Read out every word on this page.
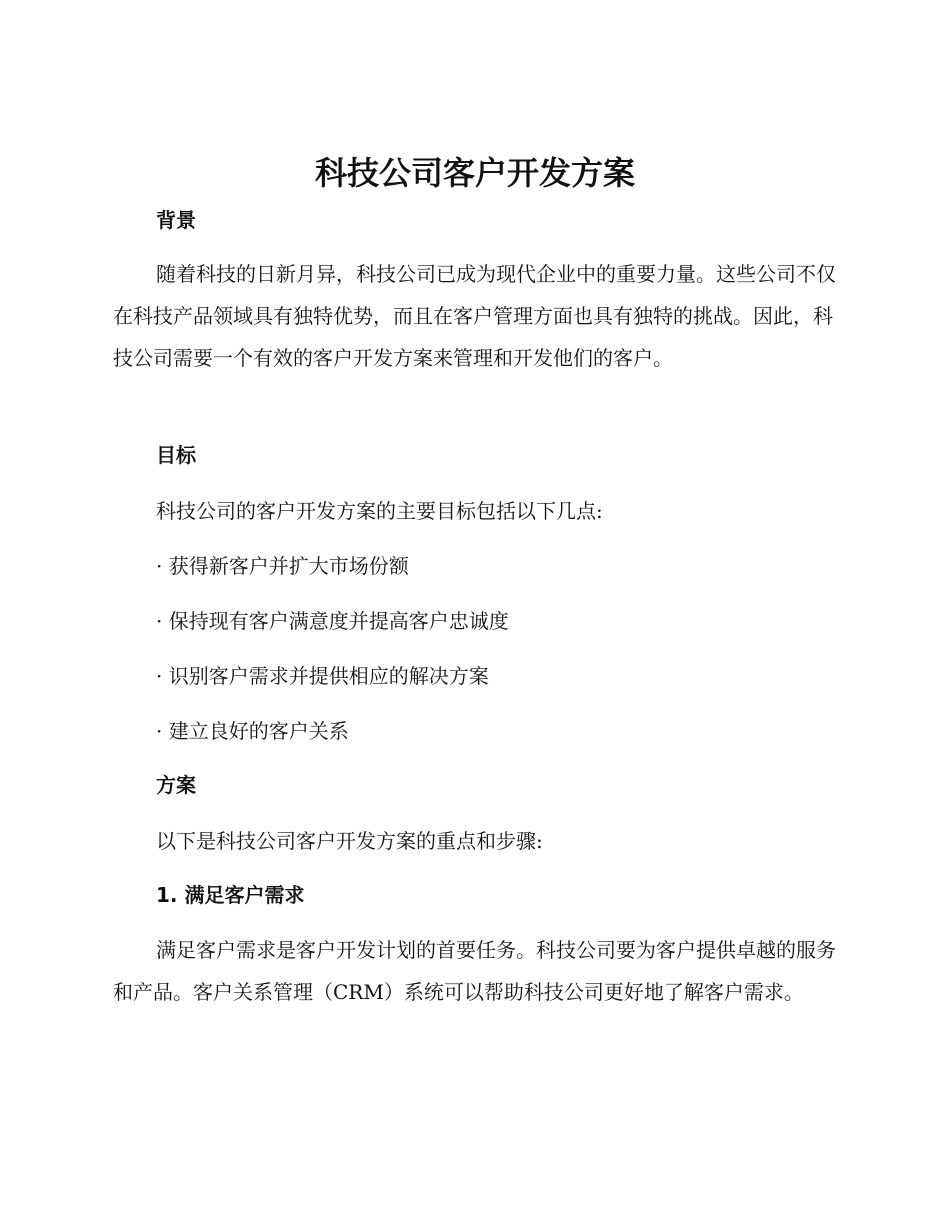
科技公司客户开发方案
背景

随着科技的日新月异，科技公司已成为现代企业中的重要力量。这些公司不仅在科技产品领域具有独特优势，而且在客户管理方面也具有独特的挑战。因此，科技公司需要一个有效的客户开发方案来管理和开发他们的客户。

目标

科技公司的客户开发方案的主要目标包括以下几点:

· 获得新客户并扩大市场份额

· 保持现有客户满意度并提高客户忠诚度

· 识别客户需求并提供相应的解决方案

· 建立良好的客户关系

方案

以下是科技公司客户开发方案的重点和步骤:

1. 满足客户需求

满足客户需求是客户开发计划的首要任务。科技公司要为客户提供卓越的服务和产品。客户关系管理（CRM）系统可以帮助科技公司更好地了解客户需求。
